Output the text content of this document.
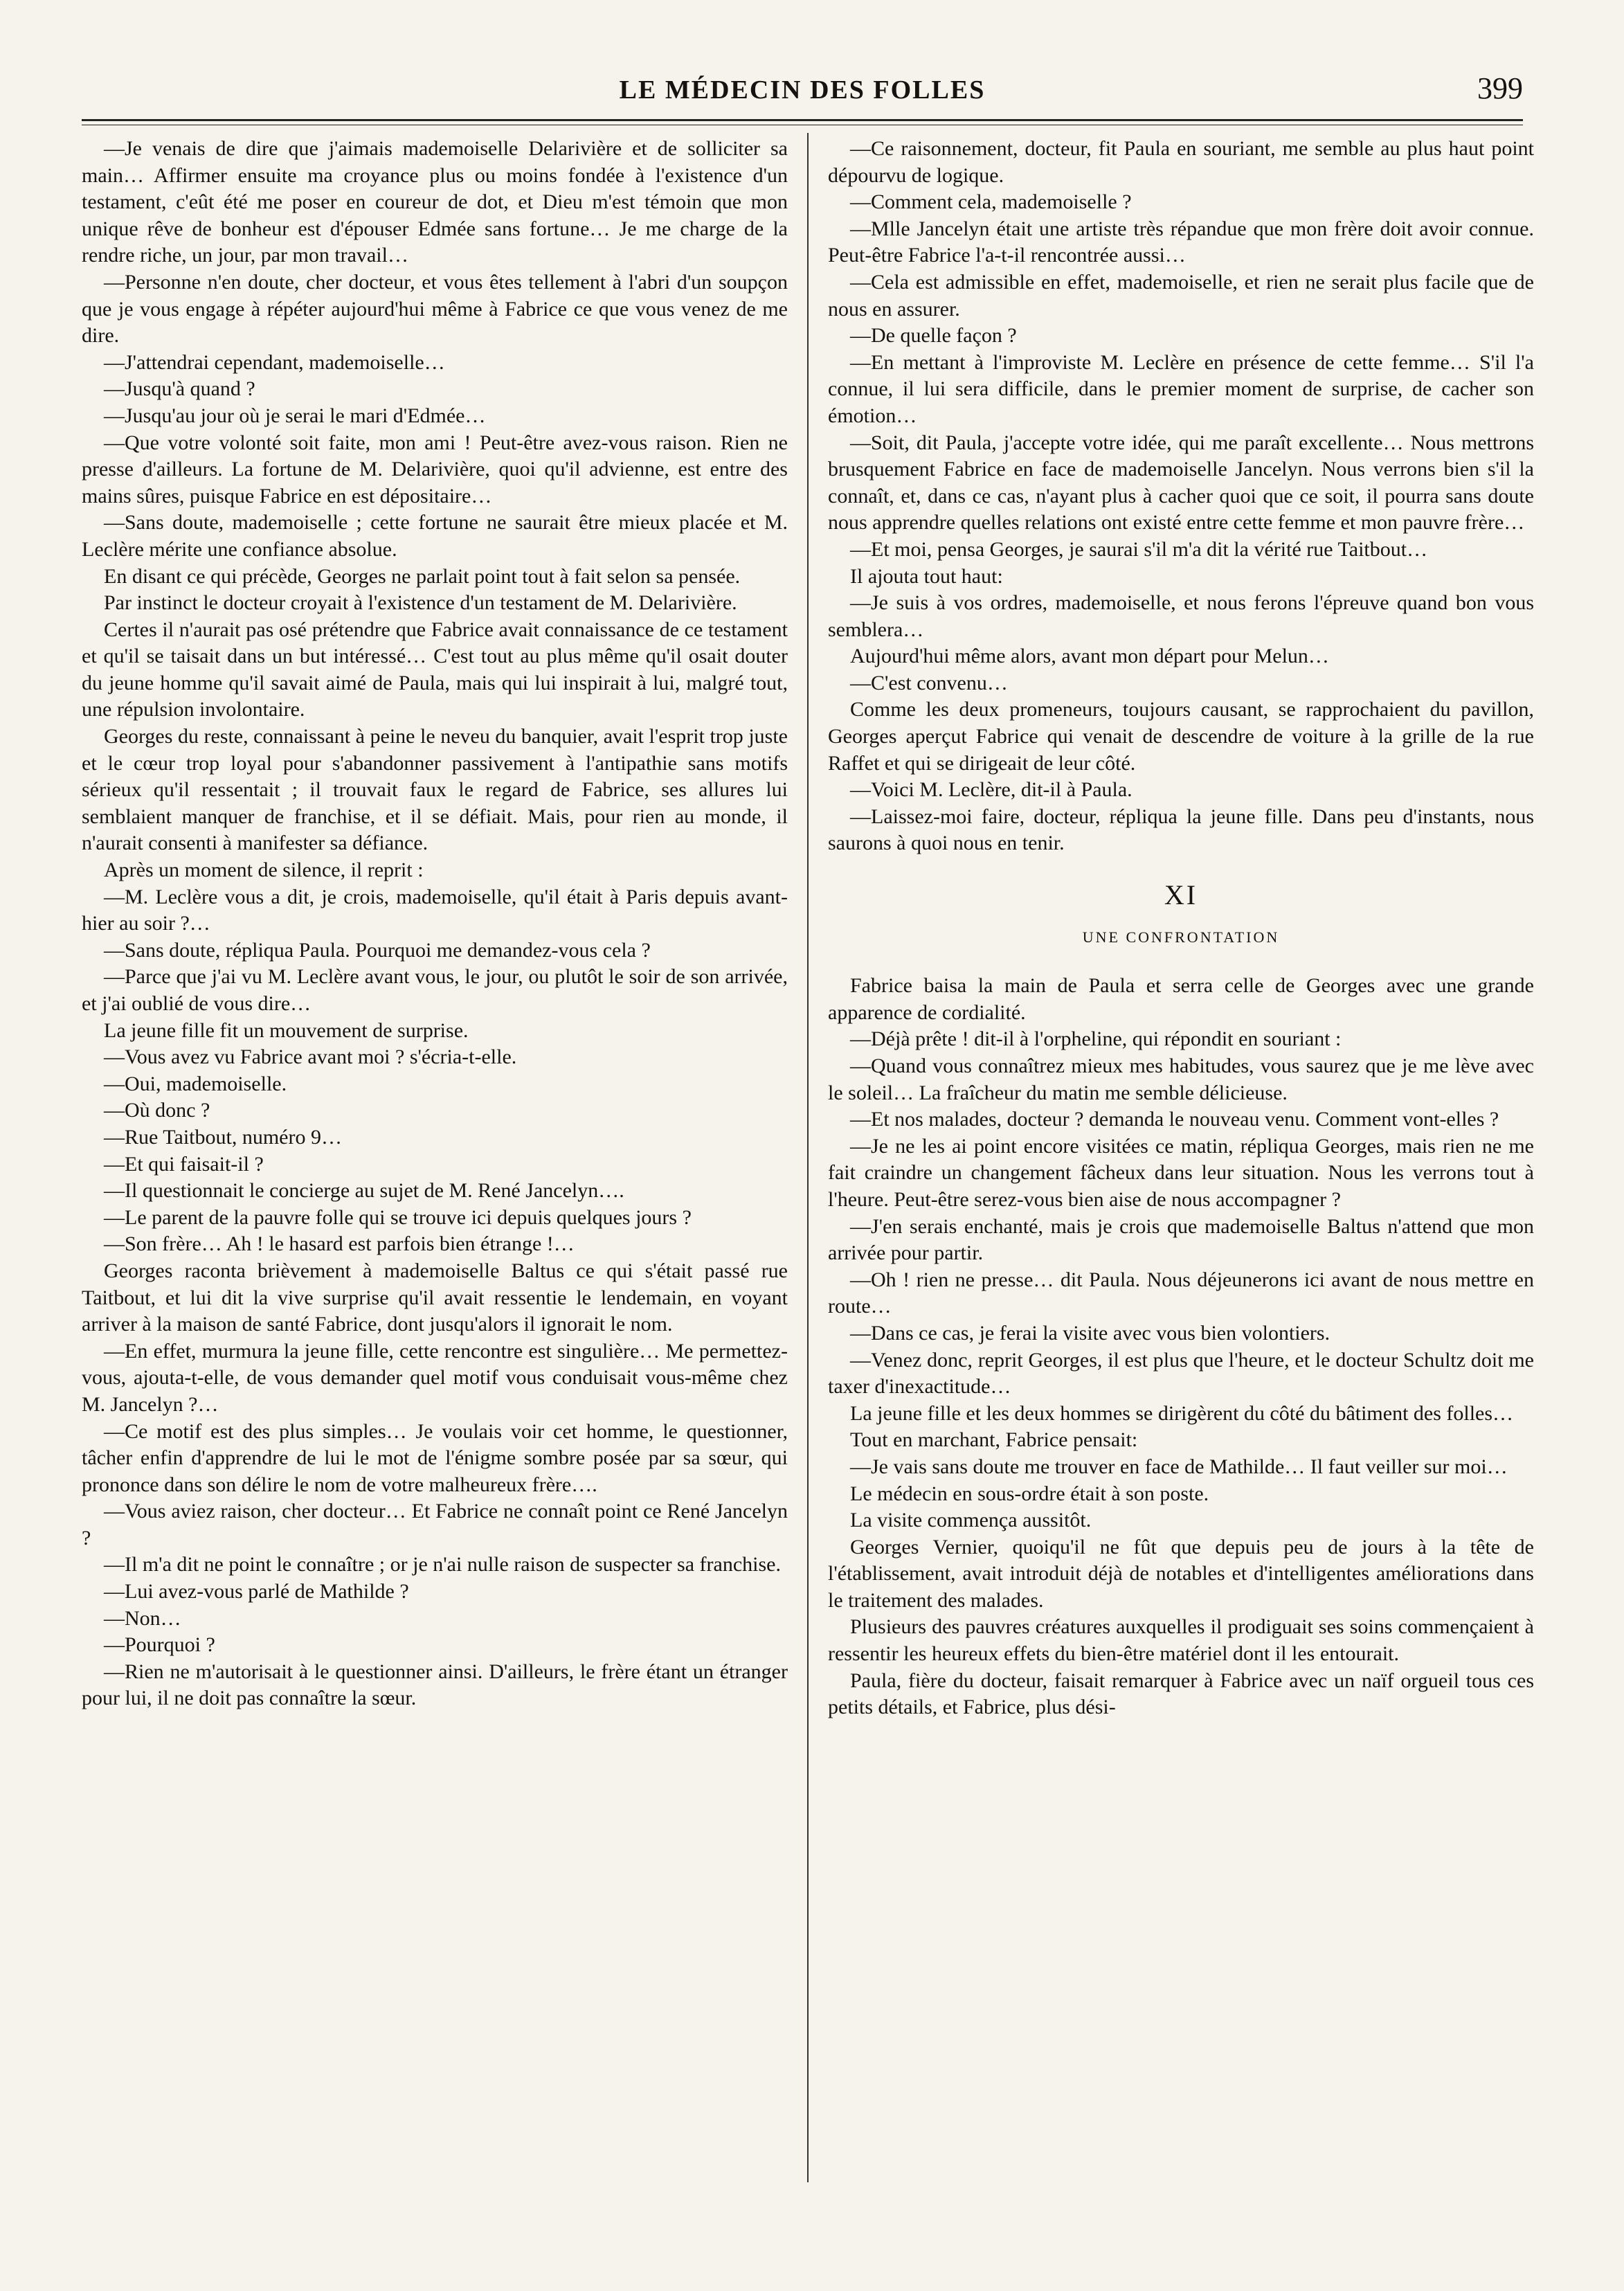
LE MÉDECIN DES FOLLES	399

—Je venais de dire que j'aimais mademoiselle Delarivière et de solliciter sa main… Affirmer ensuite ma croyance plus ou moins fondée à l'existence d'un testament, c'eût été me poser en coureur de dot, et Dieu m'est témoin que mon unique rêve de bonheur est d'épouser Edmée sans fortune… Je me charge de la rendre riche, un jour, par mon travail…

—Personne n'en doute, cher docteur, et vous êtes tellement à l'abri d'un soupçon que je vous engage à répéter aujourd'hui même à Fabrice ce que vous venez de me dire.

—J'attendrai cependant, mademoiselle…

—Jusqu'à quand ?

—Jusqu'au jour où je serai le mari d'Edmée…

—Que votre volonté soit faite, mon ami ! Peut-être avez-vous raison. Rien ne presse d'ailleurs. La fortune de M. Delarivière, quoi qu'il advienne, est entre des mains sûres, puisque Fabrice en est dépositaire…

—Sans doute, mademoiselle ; cette fortune ne saurait être mieux placée et M. Leclère mérite une confiance absolue.

En disant ce qui précède, Georges ne parlait point tout à fait selon sa pensée.

Par instinct le docteur croyait à l'existence d'un testament de M. Delarivière.

Certes il n'aurait pas osé prétendre que Fabrice avait connaissance de ce testament et qu'il se taisait dans un but intéressé… C'est tout au plus même qu'il osait douter du jeune homme qu'il savait aimé de Paula, mais qui lui inspirait à lui, malgré tout, une répulsion involontaire.

Georges du reste, connaissant à peine le neveu du banquier, avait l'esprit trop juste et le cœur trop loyal pour s'abandonner passivement à l'antipathie sans motifs sérieux qu'il ressentait ; il trouvait faux le regard de Fabrice, ses allures lui semblaient manquer de franchise, et il se défiait. Mais, pour rien au monde, il n'aurait consenti à manifester sa défiance.

Après un moment de silence, il reprit :

—M. Leclère vous a dit, je crois, mademoiselle, qu'il était à Paris depuis avant-hier au soir ?…

—Sans doute, répliqua Paula. Pourquoi me demandez-vous cela ?

—Parce que j'ai vu M. Leclère avant vous, le jour, ou plutôt le soir de son arrivée, et j'ai oublié de vous dire…

La jeune fille fit un mouvement de surprise.

—Vous avez vu Fabrice avant moi ? s'écria-t-elle.

—Oui, mademoiselle.

—Où donc ?

—Rue Taitbout, numéro 9…

—Et qui faisait-il ?

—Il questionnait le concierge au sujet de M. René Jancelyn….

—Le parent de la pauvre folle qui se trouve ici depuis quelques jours ?

—Son frère… Ah ! le hasard est parfois bien étrange !…

Georges raconta brièvement à mademoiselle Baltus ce qui s'était passé rue Taitbout, et lui dit la vive surprise qu'il avait ressentie le lendemain, en voyant arriver à la maison de santé Fabrice, dont jusqu'alors il ignorait le nom.

—En effet, murmura la jeune fille, cette rencontre est singulière… Me permettez-vous, ajouta-t-elle, de vous demander quel motif vous conduisait vous-même chez M. Jancelyn ?…

—Ce motif est des plus simples… Je voulais voir cet homme, le questionner, tâcher enfin d'apprendre de lui le mot de l'énigme sombre posée par sa sœur, qui prononce dans son délire le nom de votre malheureux frère….

—Vous aviez raison, cher docteur… Et Fabrice ne connaît point ce René Jancelyn ?

—Il m'a dit ne point le connaître ; or je n'ai nulle raison de suspecter sa franchise.

—Lui avez-vous parlé de Mathilde ?

—Non…

—Pourquoi ?

—Rien ne m'autorisait à le questionner ainsi. D'ailleurs, le frère étant un étranger pour lui, il ne doit pas connaître la sœur.

—Ce raisonnement, docteur, fit Paula en souriant, me semble au plus haut point dépourvu de logique.

—Comment cela, mademoiselle ?

—Mlle Jancelyn était une artiste très répandue que mon frère doit avoir connue. Peut-être Fabrice l'a-t-il rencontrée aussi…

—Cela est admissible en effet, mademoiselle, et rien ne serait plus facile que de nous en assurer.

—De quelle façon ?

—En mettant à l'improviste M. Leclère en présence de cette femme… S'il l'a connue, il lui sera difficile, dans le premier moment de surprise, de cacher son émotion…

—Soit, dit Paula, j'accepte votre idée, qui me paraît excellente… Nous mettrons brusquement Fabrice en face de mademoiselle Jancelyn. Nous verrons bien s'il la connaît, et, dans ce cas, n'ayant plus à cacher quoi que ce soit, il pourra sans doute nous apprendre quelles relations ont existé entre cette femme et mon pauvre frère…

—Et moi, pensa Georges, je saurai s'il m'a dit la vérité rue Taitbout…

Il ajouta tout haut:

—Je suis à vos ordres, mademoiselle, et nous ferons l'épreuve quand bon vous semblera…

Aujourd'hui même alors, avant mon départ pour Melun…

—C'est convenu…

Comme les deux promeneurs, toujours causant, se rapprochaient du pavillon, Georges aperçut Fabrice qui venait de descendre de voiture à la grille de la rue Raffet et qui se dirigeait de leur côté.

—Voici M. Leclère, dit-il à Paula.

—Laissez-moi faire, docteur, répliqua la jeune fille. Dans peu d'instants, nous saurons à quoi nous en tenir.

XI
UNE CONFRONTATION

Fabrice baisa la main de Paula et serra celle de Georges avec une grande apparence de cordialité.

—Déjà prête ! dit-il à l'orpheline, qui répondit en souriant :

—Quand vous connaîtrez mieux mes habitudes, vous saurez que je me lève avec le soleil… La fraîcheur du matin me semble délicieuse.

—Et nos malades, docteur ? demanda le nouveau venu. Comment vont-elles ?

—Je ne les ai point encore visitées ce matin, répliqua Georges, mais rien ne me fait craindre un changement fâcheux dans leur situation. Nous les verrons tout à l'heure. Peut-être serez-vous bien aise de nous accompagner ?

—J'en serais enchanté, mais je crois que mademoiselle Baltus n'attend que mon arrivée pour partir.

—Oh ! rien ne presse… dit Paula. Nous déjeunerons ici avant de nous mettre en route…

—Dans ce cas, je ferai la visite avec vous bien volontiers.

—Venez donc, reprit Georges, il est plus que l'heure, et le docteur Schultz doit me taxer d'inexactitude…

La jeune fille et les deux hommes se dirigèrent du côté du bâtiment des folles…

Tout en marchant, Fabrice pensait:

—Je vais sans doute me trouver en face de Mathilde… Il faut veiller sur moi…

Le médecin en sous-ordre était à son poste.

La visite commença aussitôt.

Georges Vernier, quoiqu'il ne fût que depuis peu de jours à la tête de l'établissement, avait introduit déjà de notables et d'intelligentes améliorations dans le traitement des malades.

Plusieurs des pauvres créatures auxquelles il prodiguait ses soins commençaient à ressentir les heureux effets du bien-être matériel dont il les entourait.

Paula, fière du docteur, faisait remarquer à Fabrice avec un naïf orgueil tous ces petits détails, et Fabrice, plus dési-
